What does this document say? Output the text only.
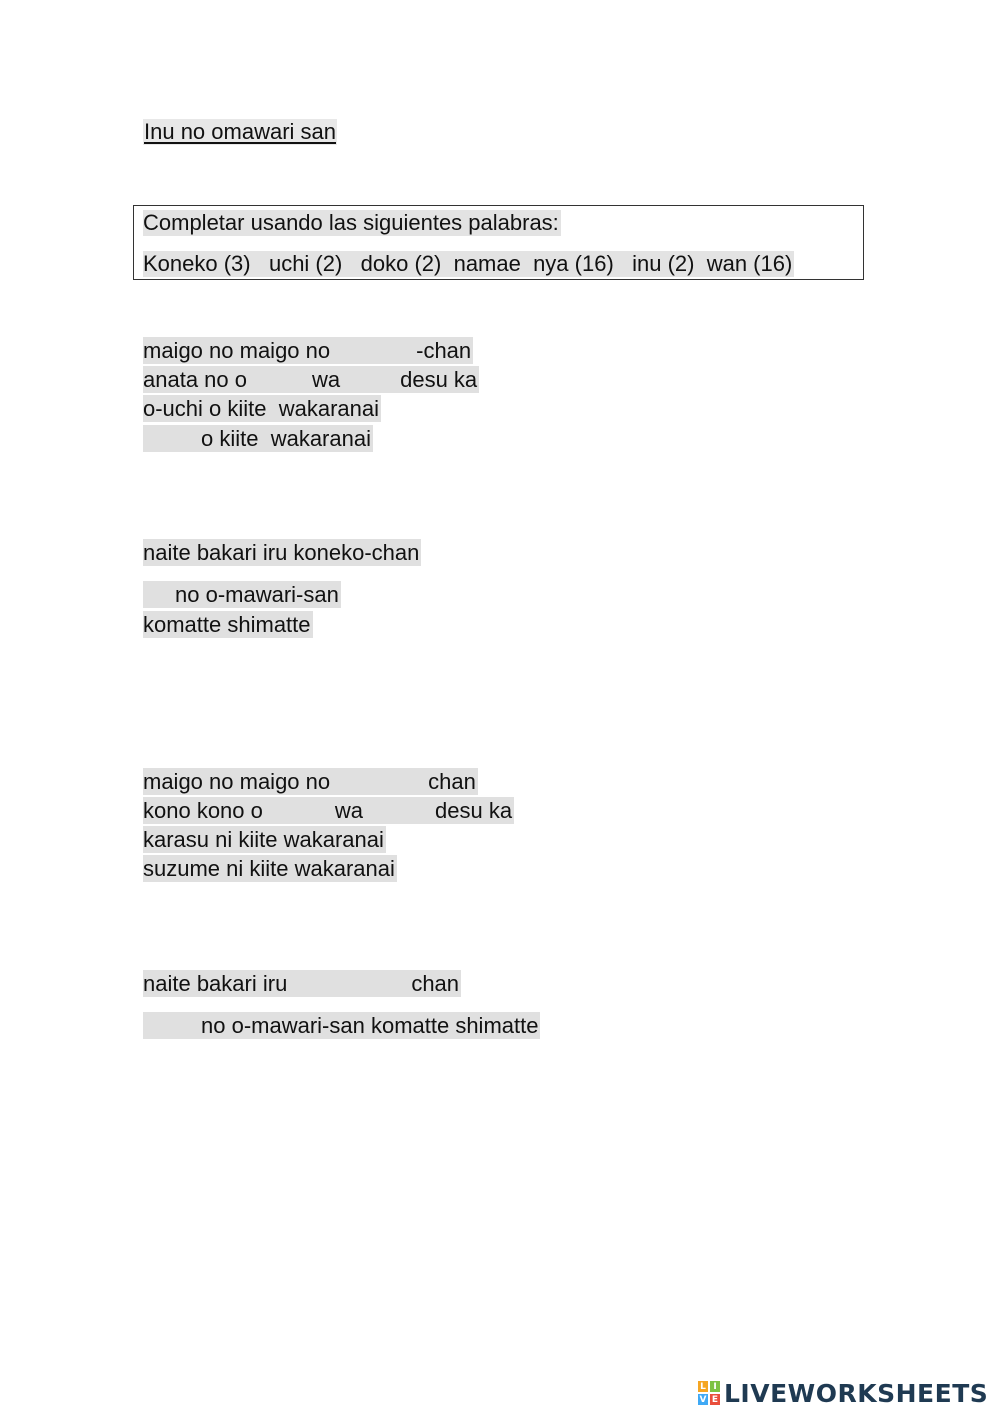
Inu no omawari san
Completar usando las siguientes palabras:
Koneko (3)   uchi (2)   doko (2)  namae  nya (16)   inu (2)  wan (16)
maigo no maigo no	-chan
anata no o	wa	desu ka
o-uchi o kiite  wakaranai
o kiite  wakaranai
naite bakari iru koneko-chan
no o-mawari-san
komatte shimatte
maigo no maigo no	chan
kono kono o	wa	desu ka
karasu ni kiite wakaranai
suzume ni kiite wakaranai
naite bakari iru	chan
no o-mawari-san komatte shimatte
L I
V E LIVEWORKSHEETS
